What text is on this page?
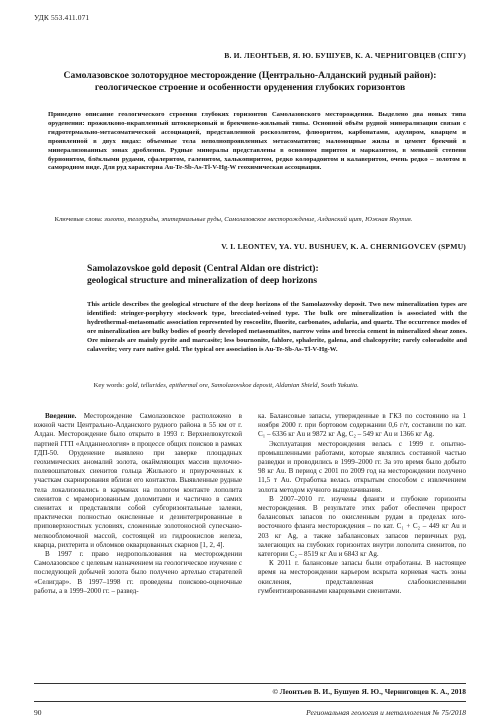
УДК 553.411.071
В. И. ЛЕОНТЬЕВ, Я. Ю. БУШУЕВ, К. А. ЧЕРНИГОВЦЕВ (СПГУ)
Самолазовское золоторудное месторождение (Центрально-Алданский рудный район):
геологическое строение и особенности оруденения глубоких горизонтов
Приведено описание геологического строения глубоких горизонтов Самолазовского месторождения. Выделено два новых типа оруденения: прожилково-вкрапленный штокверковый и брекчиево-жильный типы. Основной объём рудной минерализации связан с гидротермально-метасоматической ассоциацией, представленной роскоэлитом, флюоритом, карбонатами, адуляром, кварцем и проявленной в двух видах: объемные тела неполнопроявленных метасоматитов; маломощные жилы и цемент брекчий в минерализованных зонах дробления. Рудные минералы представлены в основном пиритом и марказитом, в меньшей степени бурнонитом, блёклыми рудами, сфалеритом, галенитом, халькопиритом, редко колорадоитом и калаверитом, очень редко – золотом в самородном виде. Для руд характерна Au-Te-Sb-As-Tl-V-Hg-W геохимическая ассоциация.
 Ключевые слова: золото, теллуриды, эпитермальные руды, Самолазовское месторождение, Алданский щит, Южная Якутия.
V. I. LEONTEV, YA. YU. BUSHUEV, K. A. CHERNIGOVCEV (SPMU)
Samolazovskoe gold deposit (Central Aldan ore district):
geological structure and mineralization of deep horizons
This article describes the geological structure of the deep horizons of the Samolazovsky deposit. Two new mineralization types are identified: stringer-porphyry stockwork type, brecciated-veined type. The bulk ore mineralization is associated with the hydrothermal-metasomatic association represented by roscoelite, fluorite, carbonates, adularia, and quartz. The occurrence modes of ore mineralization are bulky bodies of poorly developed metasomatites, narrow veins and breccia cement in mineralized shear zones. Ore minerals are mainly pyrite and marcasite; less bournonite, fahlore, sphalerite, galena, and chalcopyrite; rarely coloradoite and calaverite; very rare native gold. The typical ore association is Au-Te-Sb-As-Tl-V-Hg-W.
 Key words: gold, tellurides, epithermal ore, Samolazovskoe deposit, Aldanian Shield, South Yakutia.

Введение. Месторождение Самолазовское расположено в южной части Центрально-Алданского рудного района в 55 км от г. Алдан. Месторождение было открыто в 1993 г. Верхнелюкутской партией ГГП «Алданнеология» в процессе общих поисков в рамках ГДП-50. Оруденение выявлено при заверке площадных геохимических аномалий золота, окаймляющих массив щелочно-полевошпатовых сиенитов гольца Жильного и приуроченных к участкам скарнирования вблизи его контактов. Выявленные рудные тела локализовались в карманах на пологом контакте лополита сиенитов с мраморизованным доломитами и частично в самих сиенитах и представляли собой субгоризонтальные залежи, практически полностью окисленные и дезинтегрированные в приповерхностных условиях, сложенные золотоносной супесчано-мелкообломочной массой, состоящей из гидроокислов железа, кварца, рихтерита и обломков окварцованных скарнов [1, 2, 4].

В 1997 г. право недропользования на месторождении Самолазовское с целевым назначением на геологическое изучение с последующей добычей золота было получено артелью старателей «Селигдар». В 1997–1998 гг. проведены поисково-оценочные работы, а в 1999–2000 гг. – развед-

ка. Балансовые запасы, утвержденные в ГКЗ по состоянию на 1 ноября 2000 г. при бортовом содержании 0,6 г/т, составили по кат. C₁ – 6336 кг Au и 9872 кг Ag, C₂ – 549 кг Au и 1366 кг Ag.

Эксплуатация месторождения велась с 1999 г. опытно-промышленными работами, которые являлись составной частью разведки и проводились в 1999–2000 гг. За это время было добыто 98 кг Au. В период с 2001 по 2009 год на месторождении получено 11,5 т Au. Отработка велась открытым способом с извлечением золота методом кучного выщелачивания.

В 2007–2010 гг. изучены фланги и глубокие горизонты месторождения. В результате этих работ обеспечен прирост балансовых запасов по окисленным рудам в пределах юго-восточного фланга месторождения – по кат. C₁ + C₂ – 449 кг Au и 203 кг Ag, а также забалансовых запасов первичных руд, залегающих на глубоких горизонтах внутри лополита сиенитов, по категории C₂ – 8519 кг Au и 6843 кг Ag.

К 2011 г. балансовые запасы были отработаны. В настоящее время на месторождении карьером вскрыта корневая часть зоны окисления, представленная слабоокисленными гумбеитизированными кварцевыми сиенитами.

© Леонтьев В. И., Бушуев Я. Ю., Черниговцев К. А., 2018
90	Региональная геология и металлогения № 75/2018
